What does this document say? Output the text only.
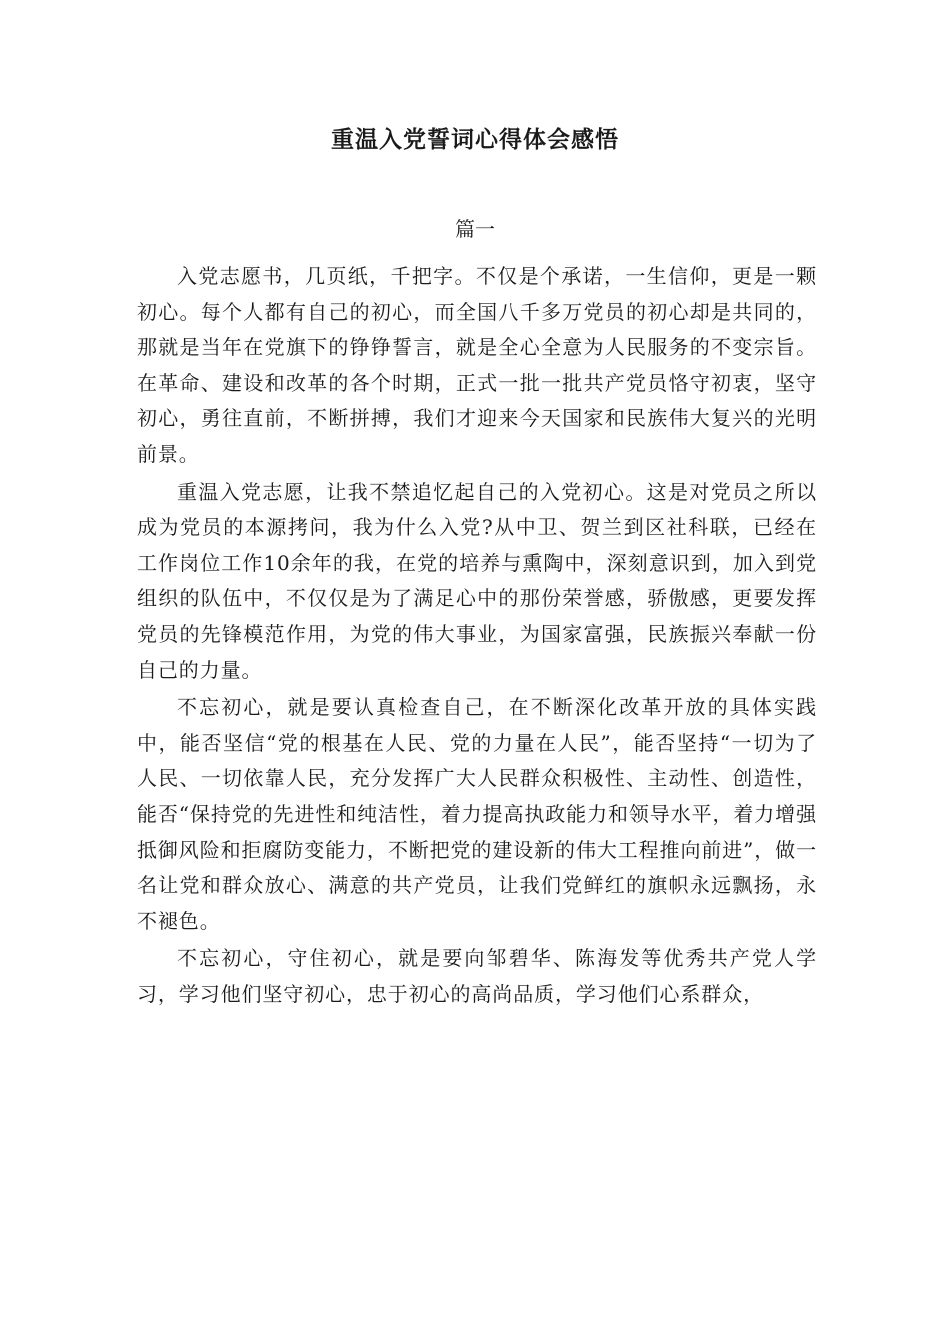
重温入党誓词心得体会感悟
篇一

入党志愿书，几页纸，千把字。不仅是个承诺，一生信仰，更是一颗初心。每个人都有自己的初心，而全国八千多万党员的初心却是共同的，那就是当年在党旗下的铮铮誓言，就是全心全意为人民服务的不变宗旨。在革命、建设和改革的各个时期，正式一批一批共产党员恪守初衷，坚守初心，勇往直前，不断拼搏，我们才迎来今天国家和民族伟大复兴的光明前景。

重温入党志愿，让我不禁追忆起自己的入党初心。这是对党员之所以成为党员的本源拷问，我为什么入党?从中卫、贺兰到区社科联，已经在工作岗位工作10余年的我，在党的培养与熏陶中，深刻意识到，加入到党组织的队伍中，不仅仅是为了满足心中的那份荣誉感，骄傲感，更要发挥党员的先锋模范作用，为党的伟大事业，为国家富强，民族振兴奉献一份自己的力量。

不忘初心，就是要认真检查自己，在不断深化改革开放的具体实践中，能否坚信“党的根基在人民、党的力量在人民”，能否坚持“一切为了人民、一切依靠人民，充分发挥广大人民群众积极性、主动性、创造性，能否“保持党的先进性和纯洁性，着力提高执政能力和领导水平，着力增强抵御风险和拒腐防变能力，不断把党的建设新的伟大工程推向前进”，做一名让党和群众放心、满意的共产党员，让我们党鲜红的旗帜永远飘扬，永不褪色。

不忘初心，守住初心，就是要向邹碧华、陈海发等优秀共产党人学习，学习他们坚守初心，忠于初心的高尚品质，学习他们心系群众，
